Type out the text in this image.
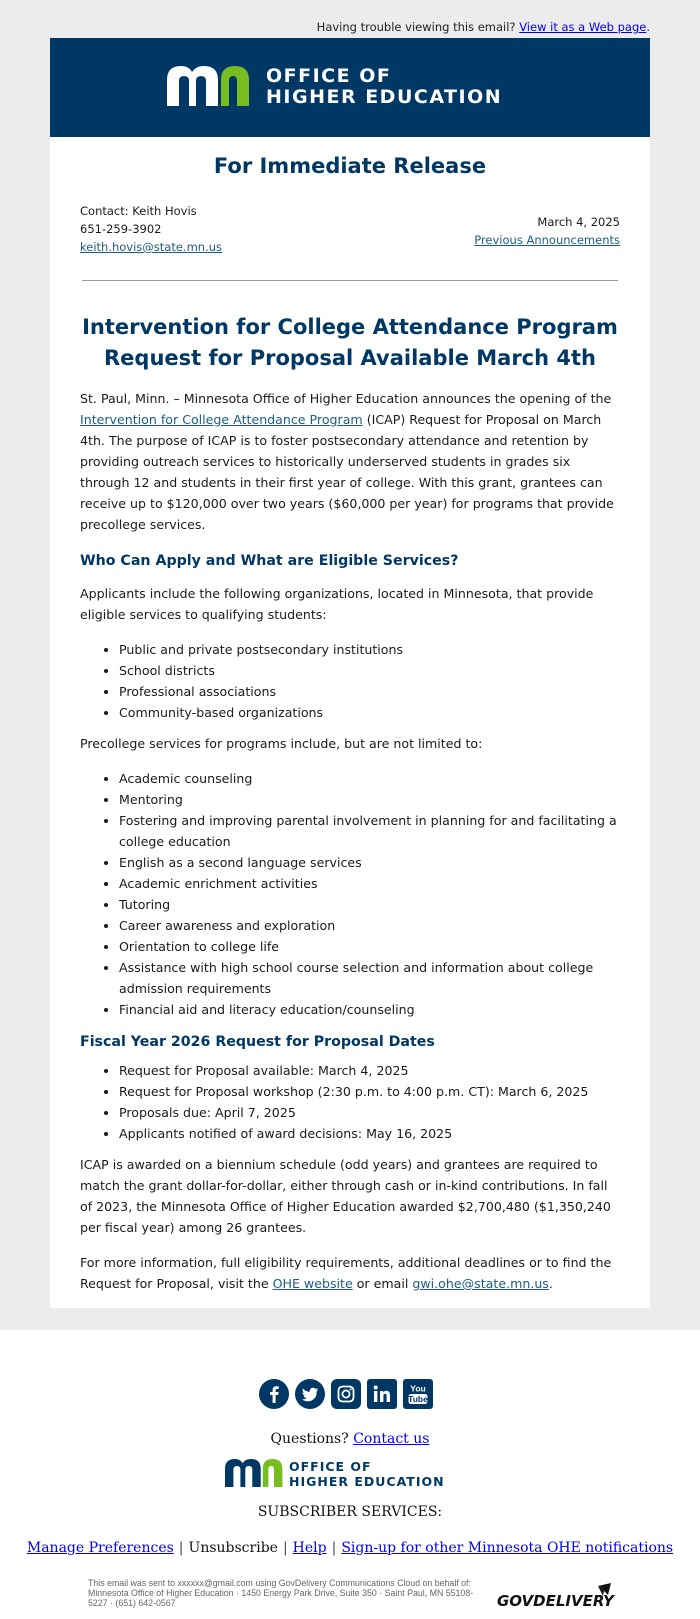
Having trouble viewing this email? View it as a Web page.
OFFICE OF
HIGHER EDUCATION
For Immediate Release
Contact: Keith Hovis
651-259-3902
keith.hovis@state.mn.us
March 4, 2025
Previous Announcements
Intervention for College Attendance Program
Request for Proposal Available March 4th

St. Paul, Minn. – Minnesota Office of Higher Education announces the opening of the Intervention for College Attendance Program (ICAP) Request for Proposal on March 4th. The purpose of ICAP is to foster postsecondary attendance and retention by providing outreach services to historically underserved students in grades six through 12 and students in their first year of college. With this grant, grantees can receive up to $120,000 over two years ($60,000 per year) for programs that provide precollege services.

Who Can Apply and What are Eligible Services?

Applicants include the following organizations, located in Minnesota, that provide eligible services to qualifying students:

• Public and private postsecondary institutions
• School districts
• Professional associations
• Community-based organizations

Precollege services for programs include, but are not limited to:

• Academic counseling
• Mentoring
• Fostering and improving parental involvement in planning for and facilitating a college education
• English as a second language services
• Academic enrichment activities
• Tutoring
• Career awareness and exploration
• Orientation to college life
• Assistance with high school course selection and information about college admission requirements
• Financial aid and literacy education/counseling
Fiscal Year 2026 Request for Proposal Dates
• Request for Proposal available: March 4, 2025
• Request for Proposal workshop (2:30 p.m. to 4:00 p.m. CT): March 6, 2025
• Proposals due: April 7, 2025
• Applicants notified of award decisions: May 16, 2025

ICAP is awarded on a biennium schedule (odd years) and grantees are required to match the grant dollar-for-dollar, either through cash or in-kind contributions. In fall of 2023, the Minnesota Office of Higher Education awarded $2,700,480 ($1,350,240 per fiscal year) among 26 grantees.

For more information, full eligibility requirements, additional deadlines or to find the Request for Proposal, visit the OHE website or email gwi.ohe@state.mn.us.

You
Tube
Questions? Contact us
OFFICE OF
HIGHER EDUCATION
SUBSCRIBER SERVICES:
Manage Preferences | Unsubscribe | Help | Sign-up for other Minnesota OHE notifications
This email was sent to xxxxxx@gmail.com using GovDelivery Communications Cloud on behalf of: Minnesota Office of Higher Education · 1450 Energy Park Drive, Suite 350 · Saint Paul, MN 55108-5227 · (651) 642-0567	GOVDELIVERY
